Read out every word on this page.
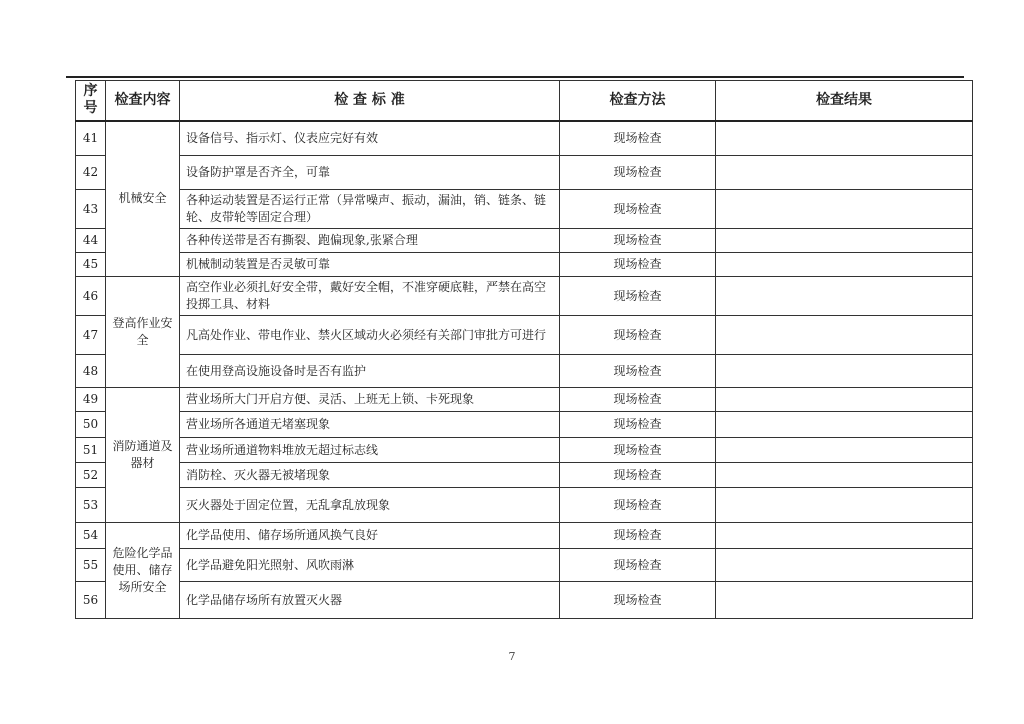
序号	检查内容	检 查 标 准	检查方法	检查结果
41	机械安全	设备信号、指示灯、仪表应完好有效	现场检查	
42		设备防护罩是否齐全，可靠	现场检查	
43		各种运动装置是否运行正常（异常噪声、振动，漏油，销、链条、链轮、皮带轮等固定合理）	现场检查	
44		各种传送带是否有撕裂、跑偏现象,张紧合理	现场检查	
45		机械制动装置是否灵敏可靠	现场检查	
46	登高作业安全	高空作业必须扎好安全带，戴好安全帽，不准穿硬底鞋，严禁在高空投掷工具、材料	现场检查	
47		凡高处作业、带电作业、禁火区域动火必须经有关部门审批方可进行	现场检查	
48		在使用登高设施设备时是否有监护	现场检查	
49	消防通道及器材	营业场所大门开启方便、灵活、上班无上锁、卡死现象	现场检查	
50		营业场所各通道无堵塞现象	现场检查	
51		营业场所通道物料堆放无超过标志线	现场检查	
52		消防栓、灭火器无被堵现象	现场检查	
53		灭火器处于固定位置，无乱拿乱放现象	现场检查	
54	危险化学品使用、储存场所安全	化学品使用、储存场所通风换气良好	现场检查	
55		化学品避免阳光照射、风吹雨淋	现场检查	
56		化学品储存场所有放置灭火器	现场检查	
7
